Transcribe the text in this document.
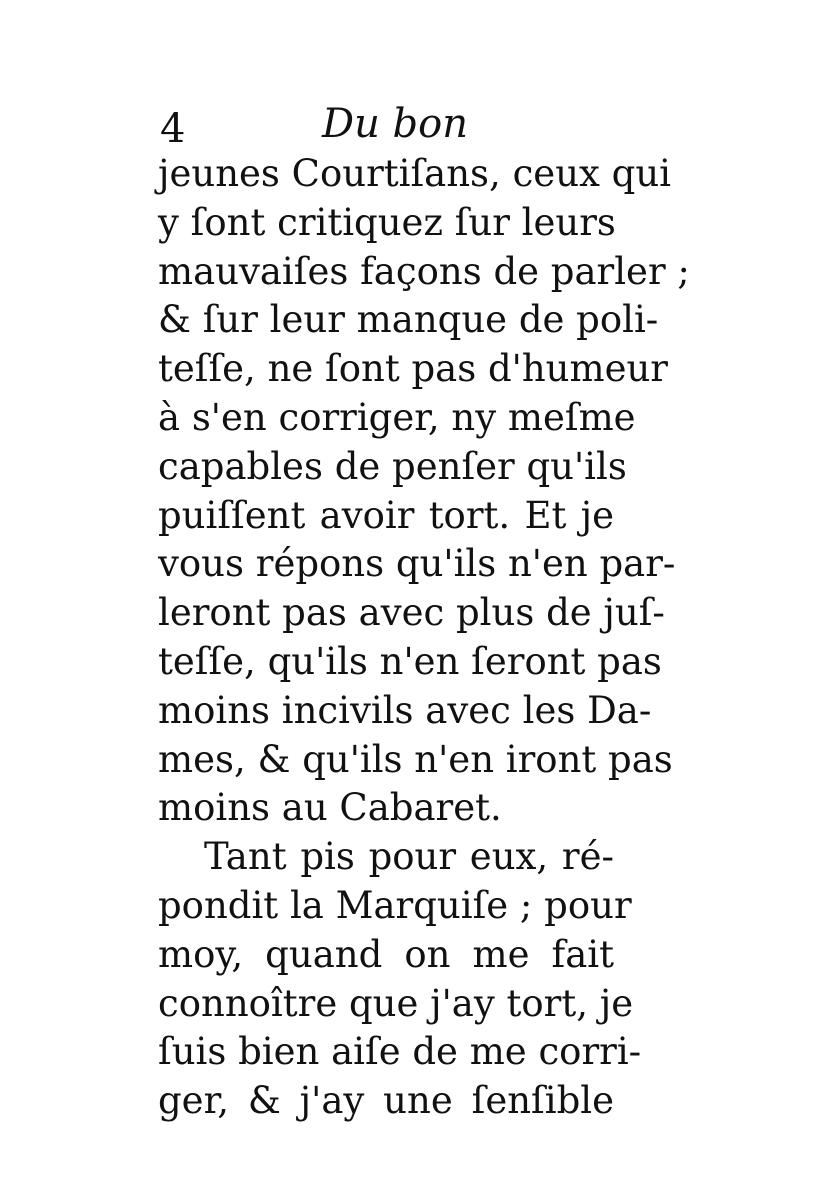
4	Du bon
jeunes Courtiſans, ceux qui
y ſont critiquez ſur leurs
mauvaiſes façons de parler ;
& ſur leur manque de poli-
teſſe, ne ſont pas d'humeur
à s'en corriger, ny meſme
capables de penſer qu'ils
puiſſent avoir tort. Et je
vous répons qu'ils n'en par-
leront pas avec plus de juſ-
teſſe, qu'ils n'en ſeront pas
moins incivils avec les Da-
mes, & qu'ils n'en iront pas
moins au Cabaret.
Tant pis pour eux, ré-
pondit la Marquiſe ; pour
moy, quand on me fait
connoître que j'ay tort, je
ſuis bien aiſe de me corri-
ger, & j'ay une ſenſible
